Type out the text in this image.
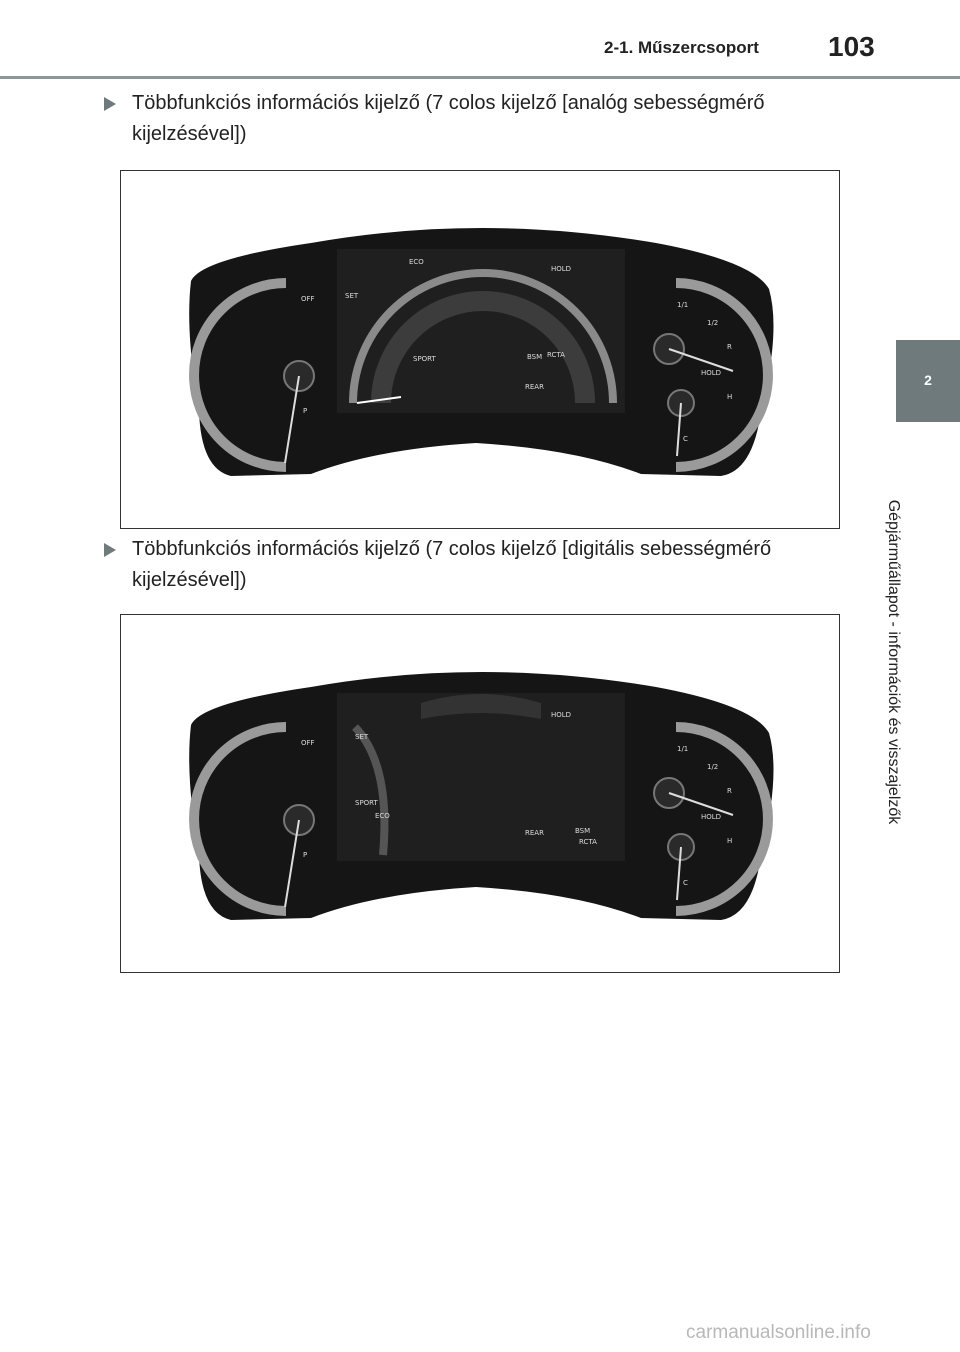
2-1. Műszercsoport 103
2
Gépjárműállapot - információk és visszajelzők
Többfunkciós információs kijelző (7 colos kijelző [analóg sebességmérő
kijelzésével])
OFF	SET
ECO
HOLD
SPORT	BSM RCTA
REAR
1/1
1/2
R
HOLD
H
C
P
Többfunkciós információs kijelző (7 colos kijelző [digitális sebességmérő
kijelzésével])
OFF
SET
HOLD
SPORT
ECO
REAR	BSM
RCTA
1/1
1/2
R
HOLD
H
C
P
carmanualsonline.info
